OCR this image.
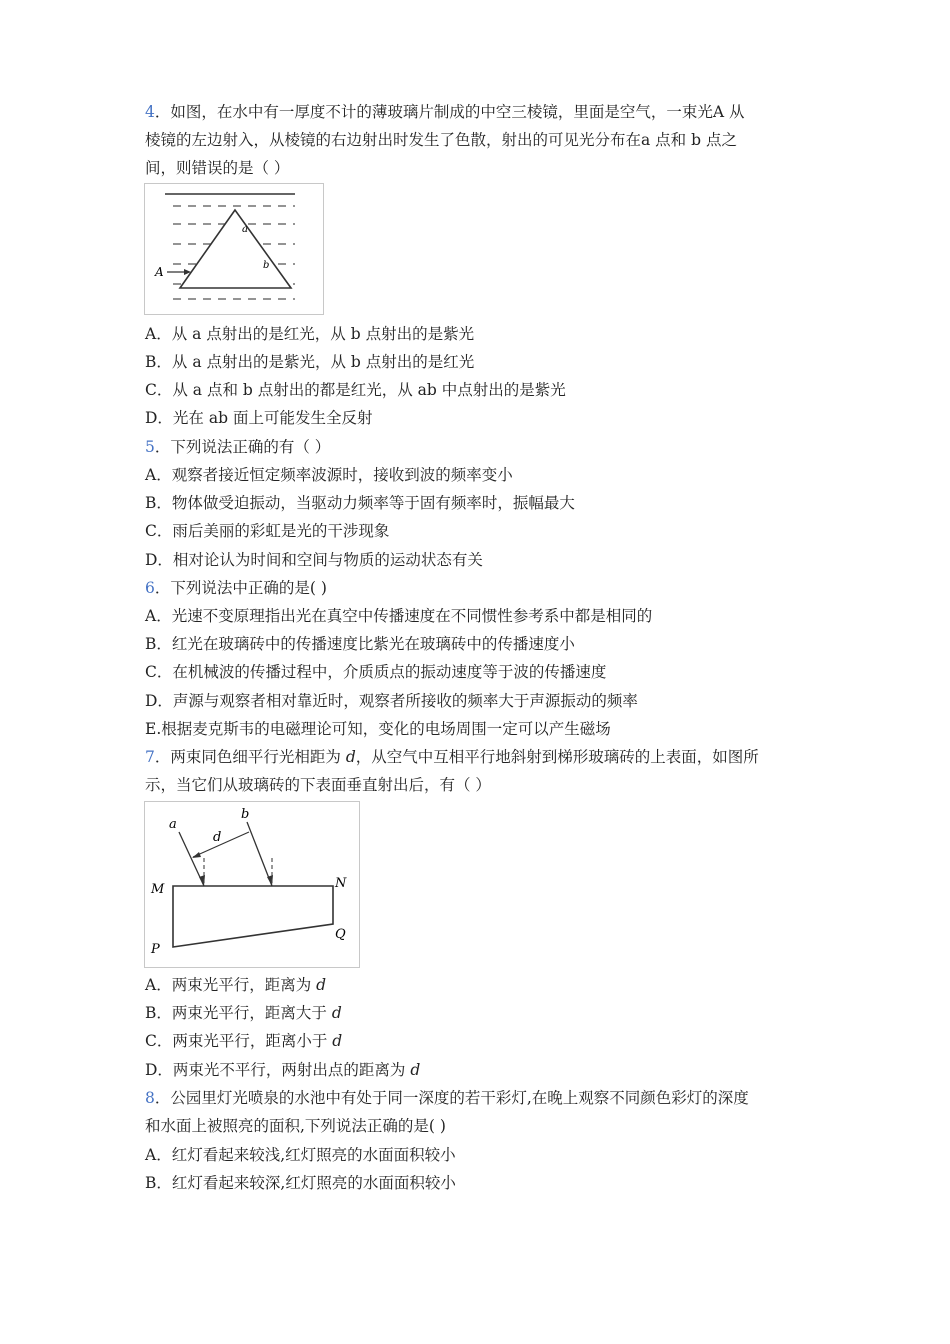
4．如图，在水中有一厚度不计的薄玻璃片制成的中空三棱镜，里面是空气，一束光A 从
棱镜的左边射入，从棱镜的右边射出时发生了色散，射出的可见光分布在a 点和 b 点之
间，则错误的是（ ）
A
a
b
A．从 a 点射出的是红光，从 b 点射出的是紫光
B．从 a 点射出的是紫光，从 b 点射出的是红光
C．从 a 点和 b 点射出的都是红光，从 ab 中点射出的是紫光
D．光在 ab 面上可能发生全反射
5．下列说法正确的有（ ）
A．观察者接近恒定频率波源时，接收到波的频率变小
B．物体做受迫振动，当驱动力频率等于固有频率时，振幅最大
C．雨后美丽的彩虹是光的干涉现象
D．相对论认为时间和空间与物质的运动状态有关
6．下列说法中正确的是( )
A．光速不变原理指出光在真空中传播速度在不同惯性参考系中都是相同的
B．红光在玻璃砖中的传播速度比紫光在玻璃砖中的传播速度小
C．在机械波的传播过程中，介质质点的振动速度等于波的传播速度
D．声源与观察者相对靠近时，观察者所接收的频率大于声源振动的频率
E.根据麦克斯韦的电磁理论可知，变化的电场周围一定可以产生磁场
7．两束同色细平行光相距为 d，从空气中互相平行地斜射到梯形玻璃砖的上表面，如图所
示，当它们从玻璃砖的下表面垂直射出后，有（ ）
a
b
d
M	N
P
Q
A．两束光平行，距离为 d
B．两束光平行，距离大于 d
C．两束光平行，距离小于 d
D．两束光不平行，两射出点的距离为 d
8．公园里灯光喷泉的水池中有处于同一深度的若干彩灯,在晚上观察不同颜色彩灯的深度
和水面上被照亮的面积,下列说法正确的是( )
A．红灯看起来较浅,红灯照亮的水面面积较小
B．红灯看起来较深,红灯照亮的水面面积较小
